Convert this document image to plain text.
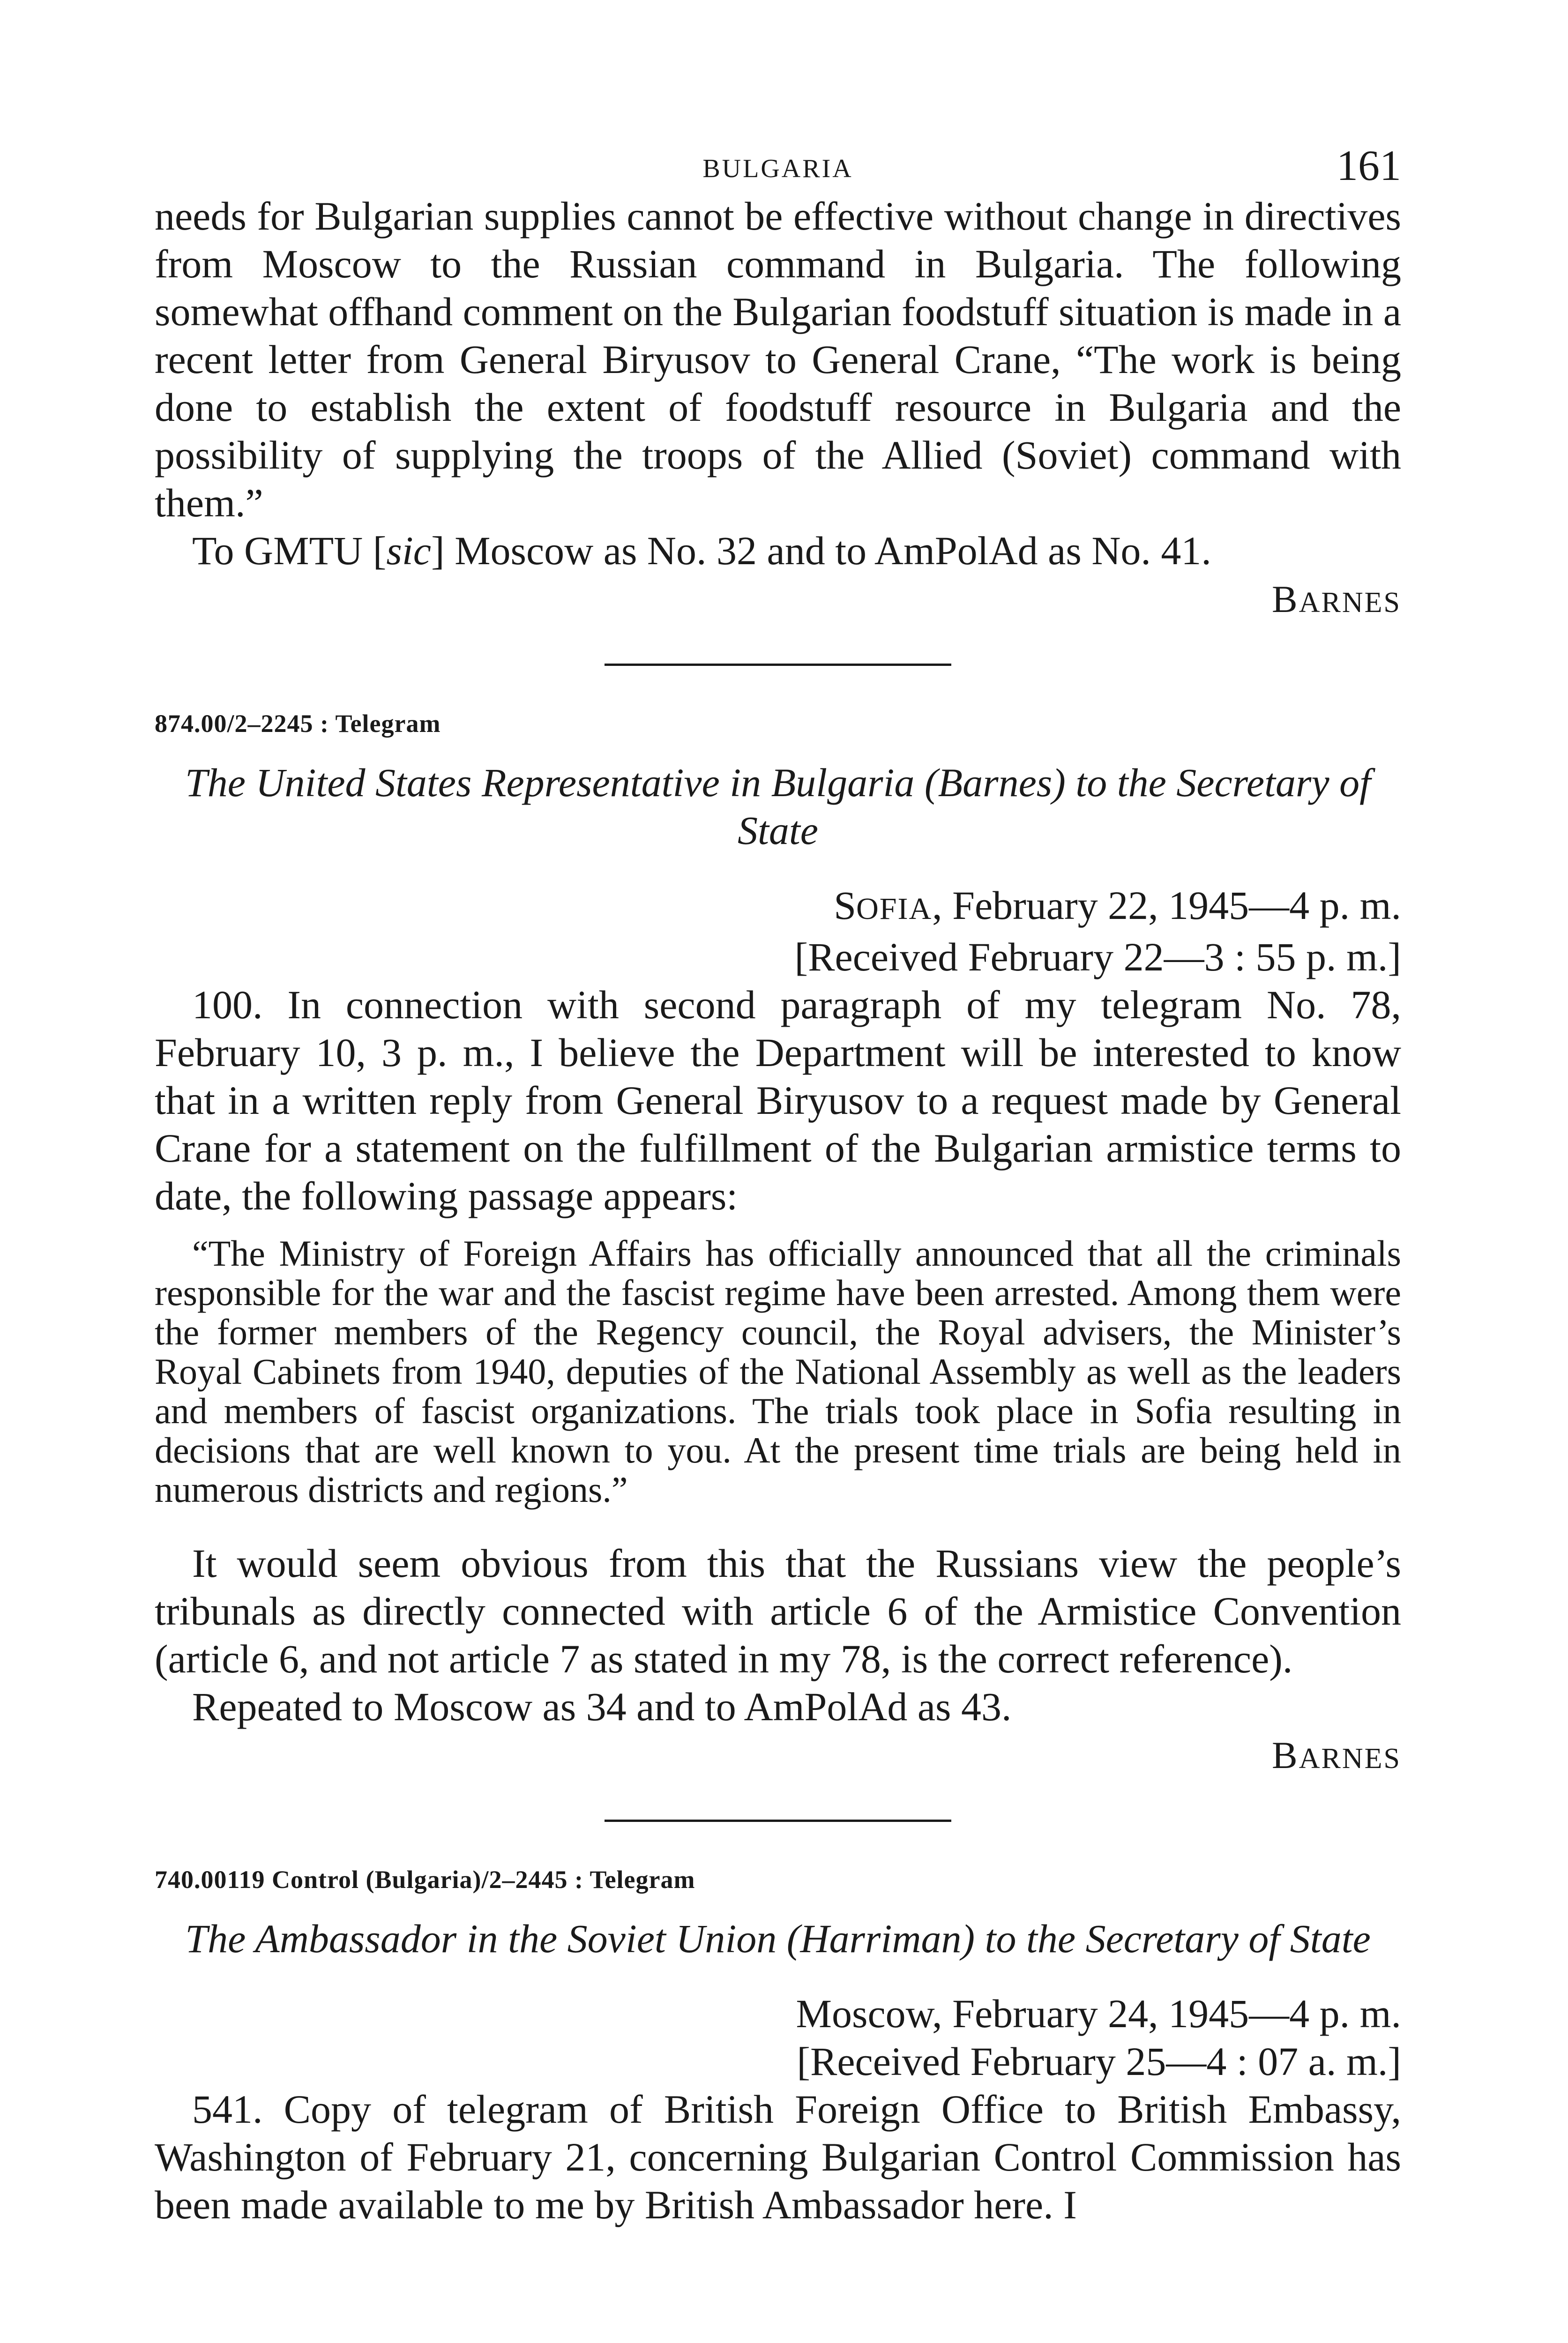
BULGARIA	161

needs for Bulgarian supplies cannot be effective without change in directives from Moscow to the Russian command in Bulgaria. The following somewhat offhand comment on the Bulgarian foodstuff situation is made in a recent letter from General Biryusov to General Crane, “The work is being done to establish the extent of foodstuff resource in Bulgaria and the possibility of supplying the troops of the Allied (Soviet) command with them.”

To GMTU [sic] Moscow as No. 32 and to AmPolAd as No. 41.

BARNES

874.00/2–2245 : Telegram

The United States Representative in Bulgaria (Barnes) to the Secretary of State

SOFIA, February 22, 1945—4 p. m.

[Received February 22—3 : 55 p. m.]

100. In connection with second paragraph of my telegram No. 78, February 10, 3 p. m., I believe the Department will be interested to know that in a written reply from General Biryusov to a request made by General Crane for a statement on the fulfillment of the Bulgarian armistice terms to date, the following passage appears:

“The Ministry of Foreign Affairs has officially announced that all the criminals responsible for the war and the fascist regime have been arrested. Among them were the former members of the Regency council, the Royal advisers, the Minister’s Royal Cabinets from 1940, deputies of the National Assembly as well as the leaders and members of fascist organizations. The trials took place in Sofia resulting in decisions that are well known to you. At the present time trials are being held in numerous districts and regions.”

It would seem obvious from this that the Russians view the people’s tribunals as directly connected with article 6 of the Armistice Convention (article 6, and not article 7 as stated in my 78, is the correct reference).

Repeated to Moscow as 34 and to AmPolAd as 43.

BARNES

740.00119 Control (Bulgaria)/2–2445 : Telegram

The Ambassador in the Soviet Union (Harriman) to the Secretary of State

Moscow, February 24, 1945—4 p. m.

[Received February 25—4 : 07 a. m.]

541. Copy of telegram of British Foreign Office to British Embassy, Washington of February 21, concerning Bulgarian Control Commission has been made available to me by British Ambassador here. I
